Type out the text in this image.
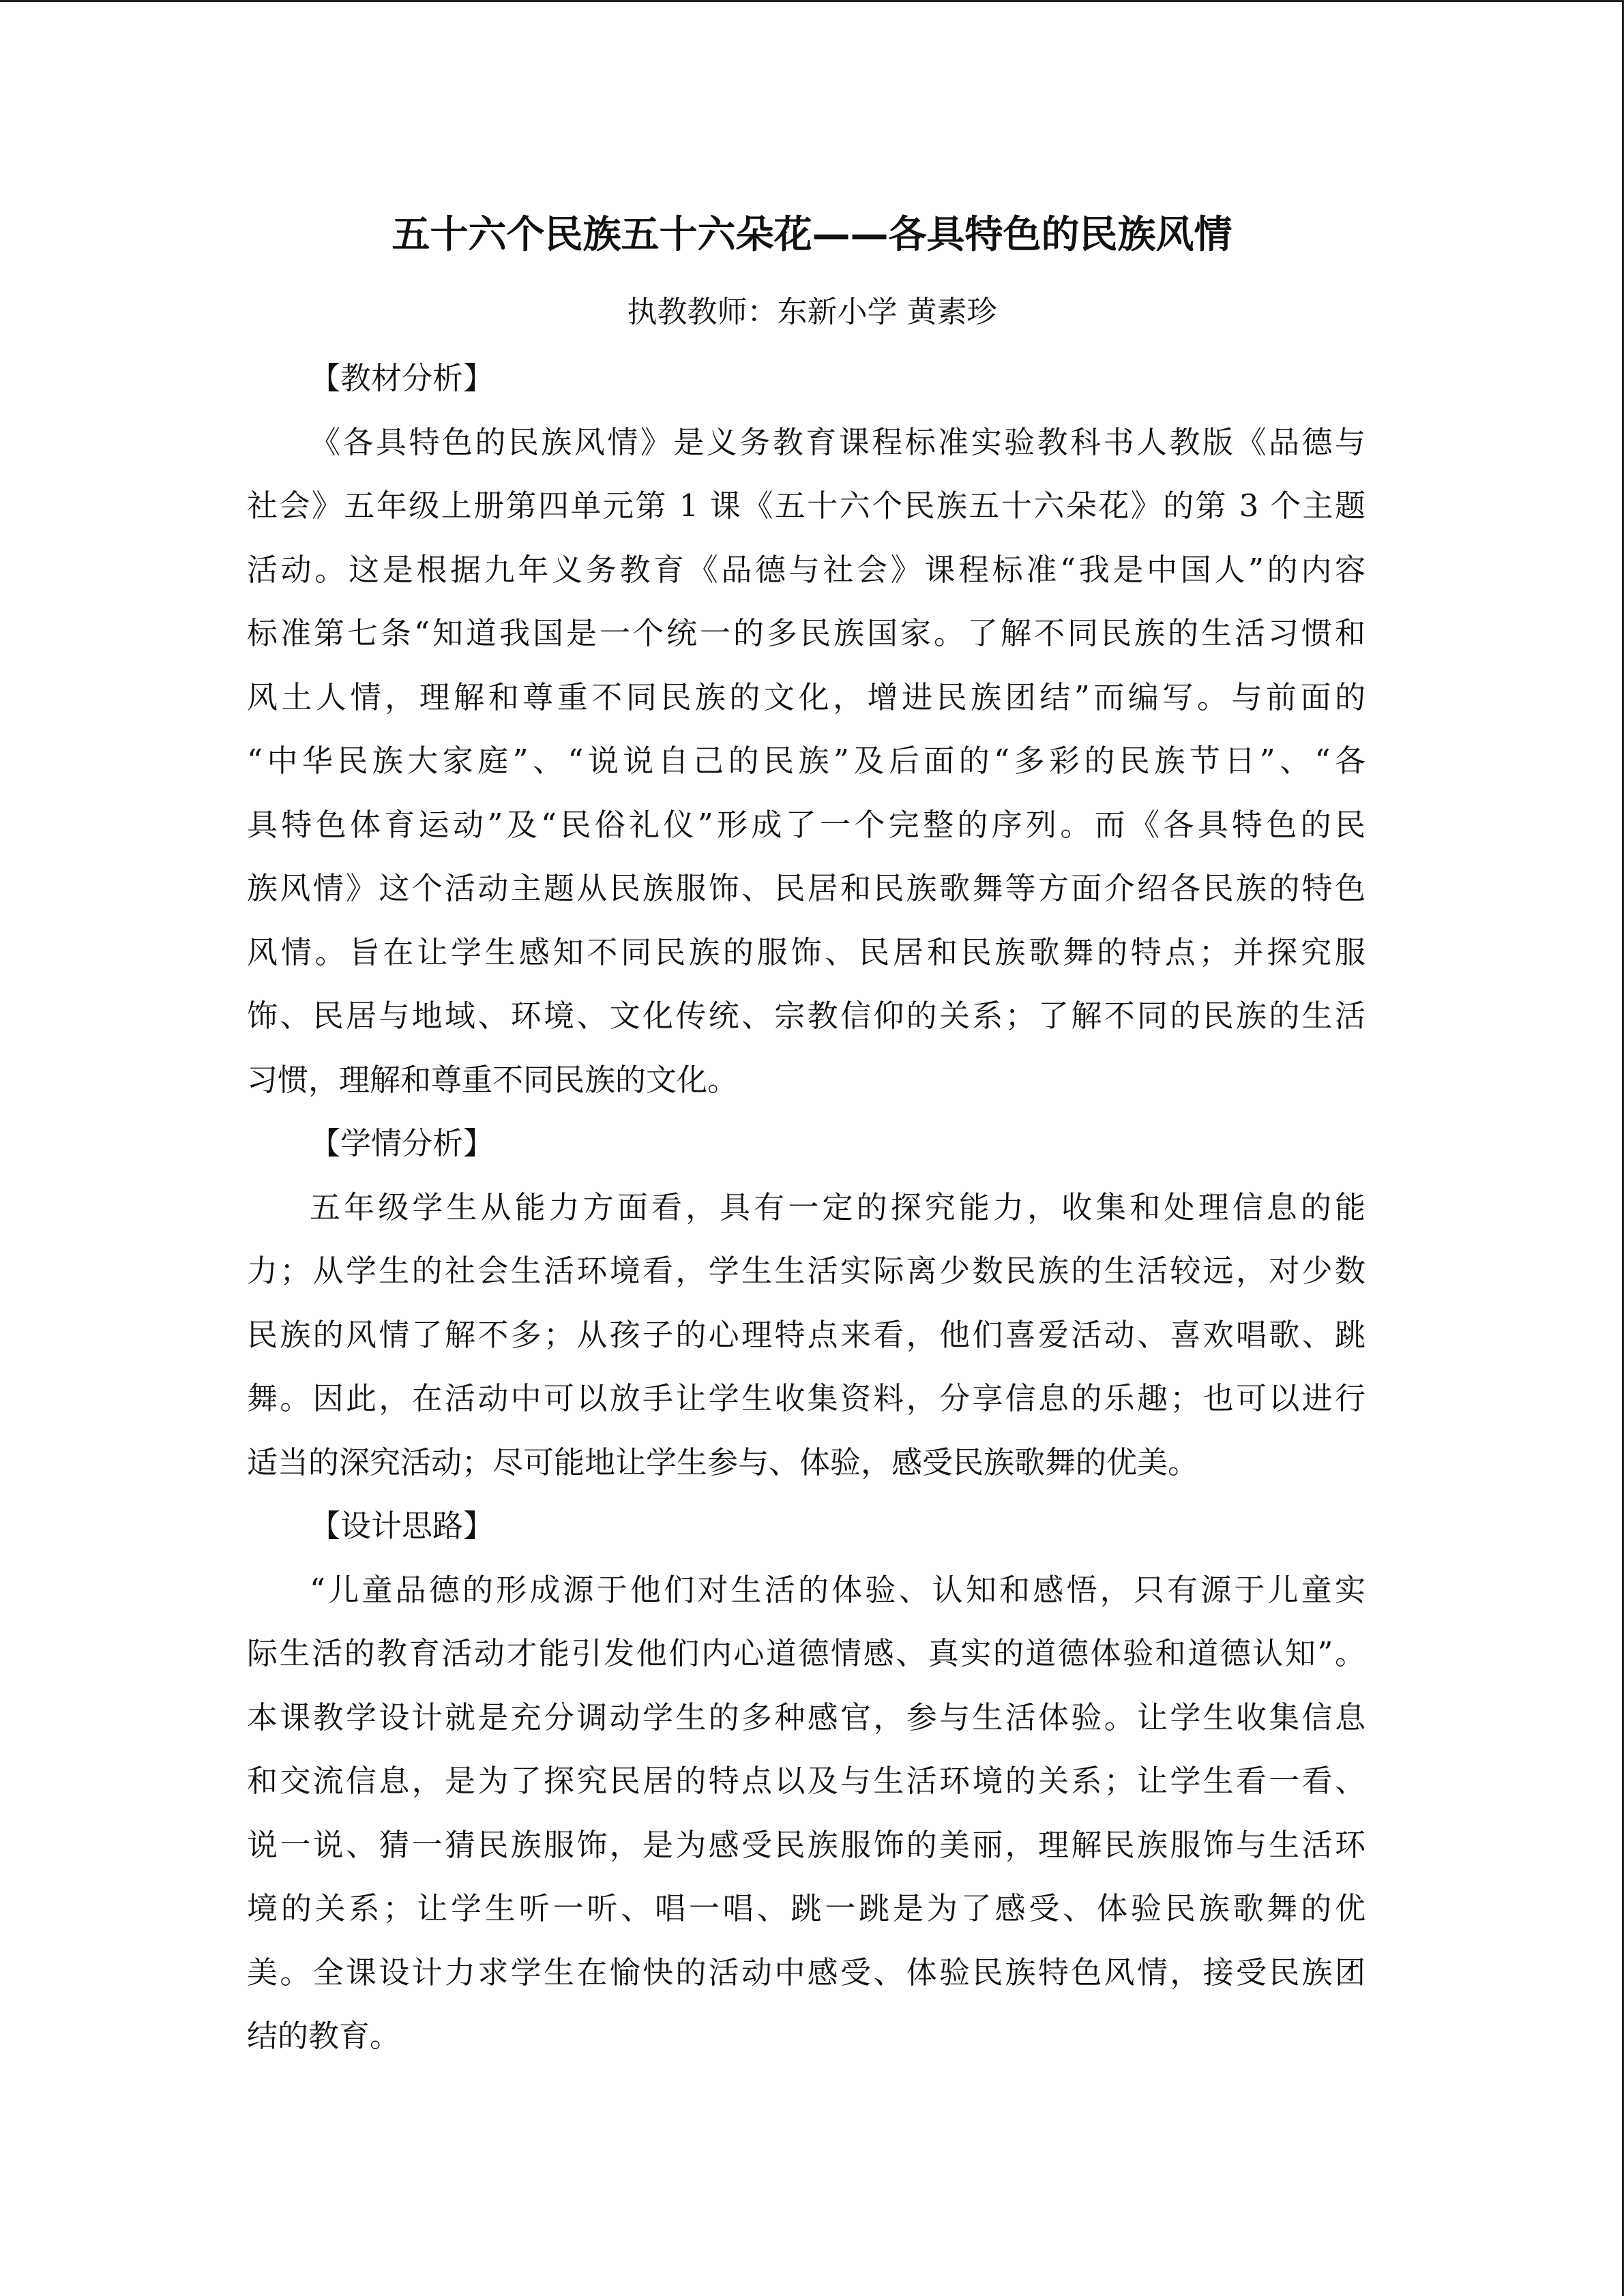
五十六个民族五十六朵花——各具特色的民族风情
执教教师：东新小学 黄素珍
【教材分析】
《各具特色的民族风情》是义务教育课程标准实验教科书人教版《品德与
社会》五年级上册第四单元第 1 课《五十六个民族五十六朵花》的第 3 个主题
活动。这是根据九年义务教育《品德与社会》课程标准“我是中国人”的内容
标准第七条“知道我国是一个统一的多民族国家。了解不同民族的生活习惯和
风土人情，理解和尊重不同民族的文化，增进民族团结”而编写。与前面的
“中华民族大家庭”、“说说自己的民族”及后面的“多彩的民族节日”、“各
具特色体育运动”及“民俗礼仪”形成了一个完整的序列。而《各具特色的民
族风情》这个活动主题从民族服饰、民居和民族歌舞等方面介绍各民族的特色
风情。旨在让学生感知不同民族的服饰、民居和民族歌舞的特点；并探究服
饰、民居与地域、环境、文化传统、宗教信仰的关系；了解不同的民族的生活
习惯，理解和尊重不同民族的文化。
【学情分析】
五年级学生从能力方面看，具有一定的探究能力，收集和处理信息的能
力；从学生的社会生活环境看，学生生活实际离少数民族的生活较远，对少数
民族的风情了解不多；从孩子的心理特点来看，他们喜爱活动、喜欢唱歌、跳
舞。因此，在活动中可以放手让学生收集资料，分享信息的乐趣；也可以进行
适当的深究活动；尽可能地让学生参与、体验，感受民族歌舞的优美。
【设计思路】
“儿童品德的形成源于他们对生活的体验、认知和感悟，只有源于儿童实
际生活的教育活动才能引发他们内心道德情感、真实的道德体验和道德认知”。
本课教学设计就是充分调动学生的多种感官，参与生活体验。让学生收集信息
和交流信息，是为了探究民居的特点以及与生活环境的关系；让学生看一看、
说一说、猜一猜民族服饰，是为感受民族服饰的美丽，理解民族服饰与生活环
境的关系；让学生听一听、唱一唱、跳一跳是为了感受、体验民族歌舞的优
美。全课设计力求学生在愉快的活动中感受、体验民族特色风情，接受民族团
结的教育。
